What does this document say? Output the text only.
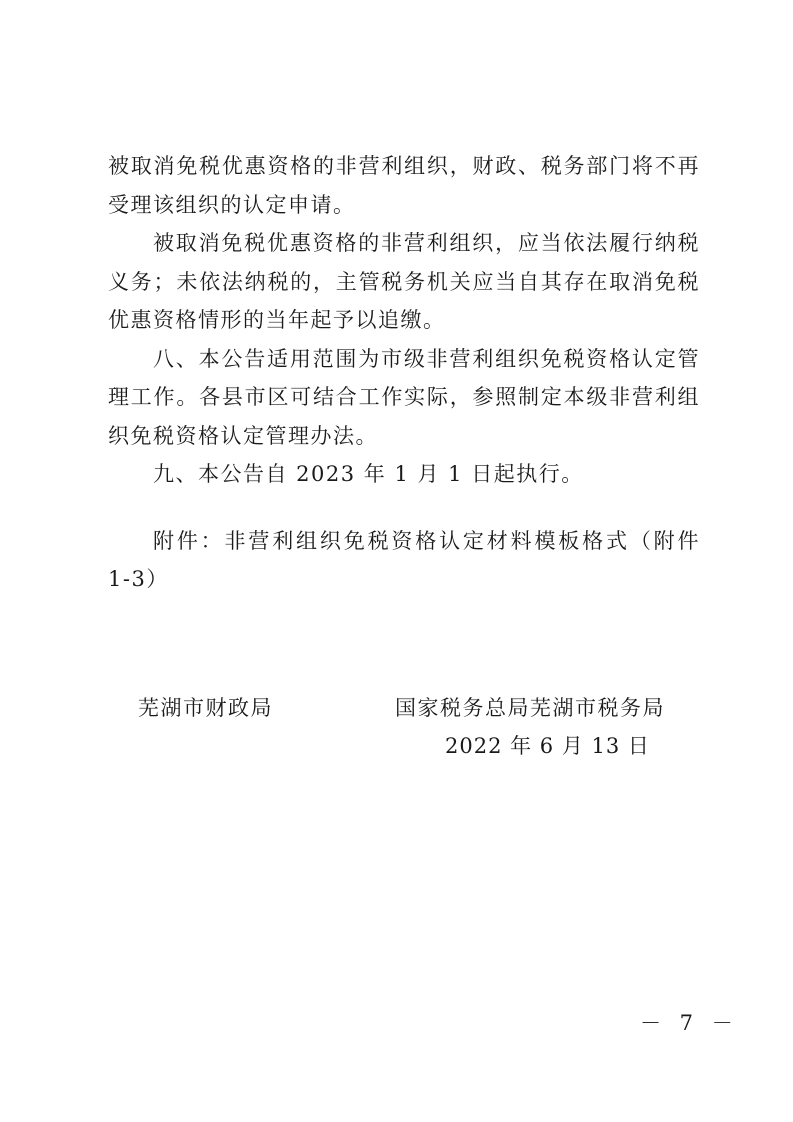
被取消免税优惠资格的非营利组织，财政、税务部门将不再受理该组织的认定申请。

被取消免税优惠资格的非营利组织，应当依法履行纳税义务；未依法纳税的，主管税务机关应当自其存在取消免税优惠资格情形的当年起予以追缴。

八、本公告适用范围为市级非营利组织免税资格认定管理工作。各县市区可结合工作实际，参照制定本级非营利组织免税资格认定管理办法。

九、本公告自 2023 年 1 月 1 日起执行。

附件：非营利组织免税资格认定材料模板格式（附件 1-3）

芜湖市财政局	国家税务总局芜湖市税务局
2022 年 6 月 13 日
－ 7 －
